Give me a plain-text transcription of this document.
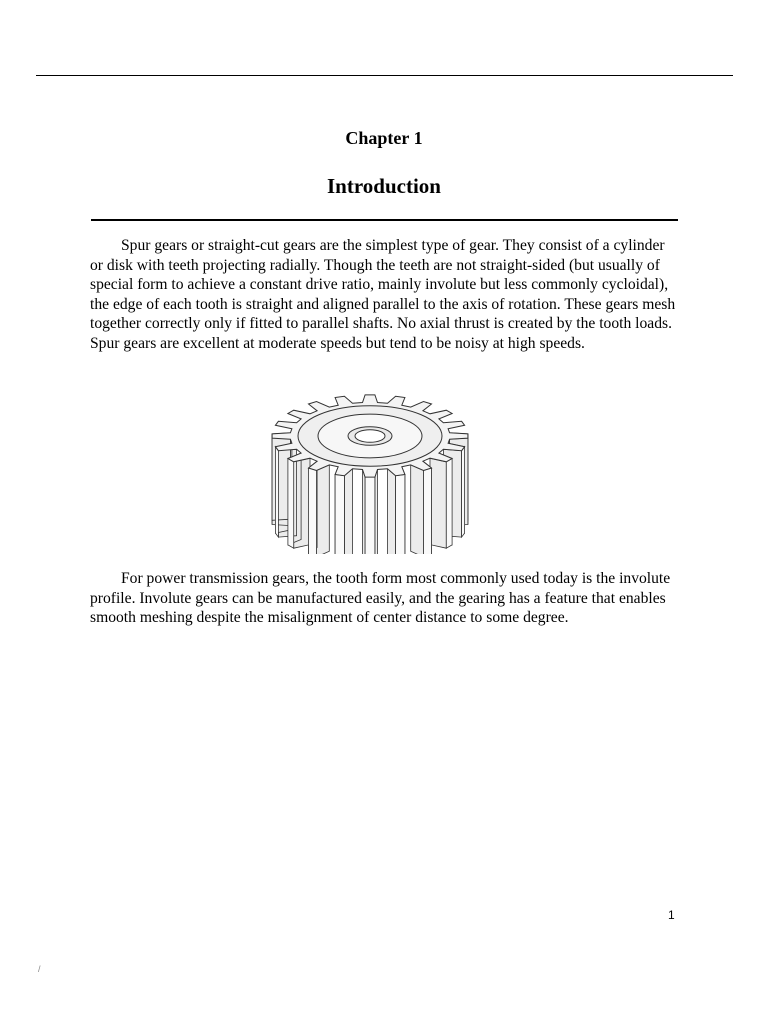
Chapter 1
Introduction

Spur gears or straight-cut gears are the simplest type of gear. They consist of a cylinder or disk with teeth projecting radially. Though the teeth are not straight-sided (but usually of special form to achieve a constant drive ratio, mainly involute but less commonly cycloidal), the edge of each tooth is straight and aligned parallel to the axis of rotation. These gears mesh together correctly only if fitted to parallel shafts. No axial thrust is created by the tooth loads. Spur gears are excellent at moderate speeds but tend to be noisy at high speeds.

For power transmission gears, the tooth form most commonly used today is the involute profile. Involute gears can be manufactured easily, and the gearing has a feature that enables smooth meshing despite the misalignment of center distance to some degree.

1
/
